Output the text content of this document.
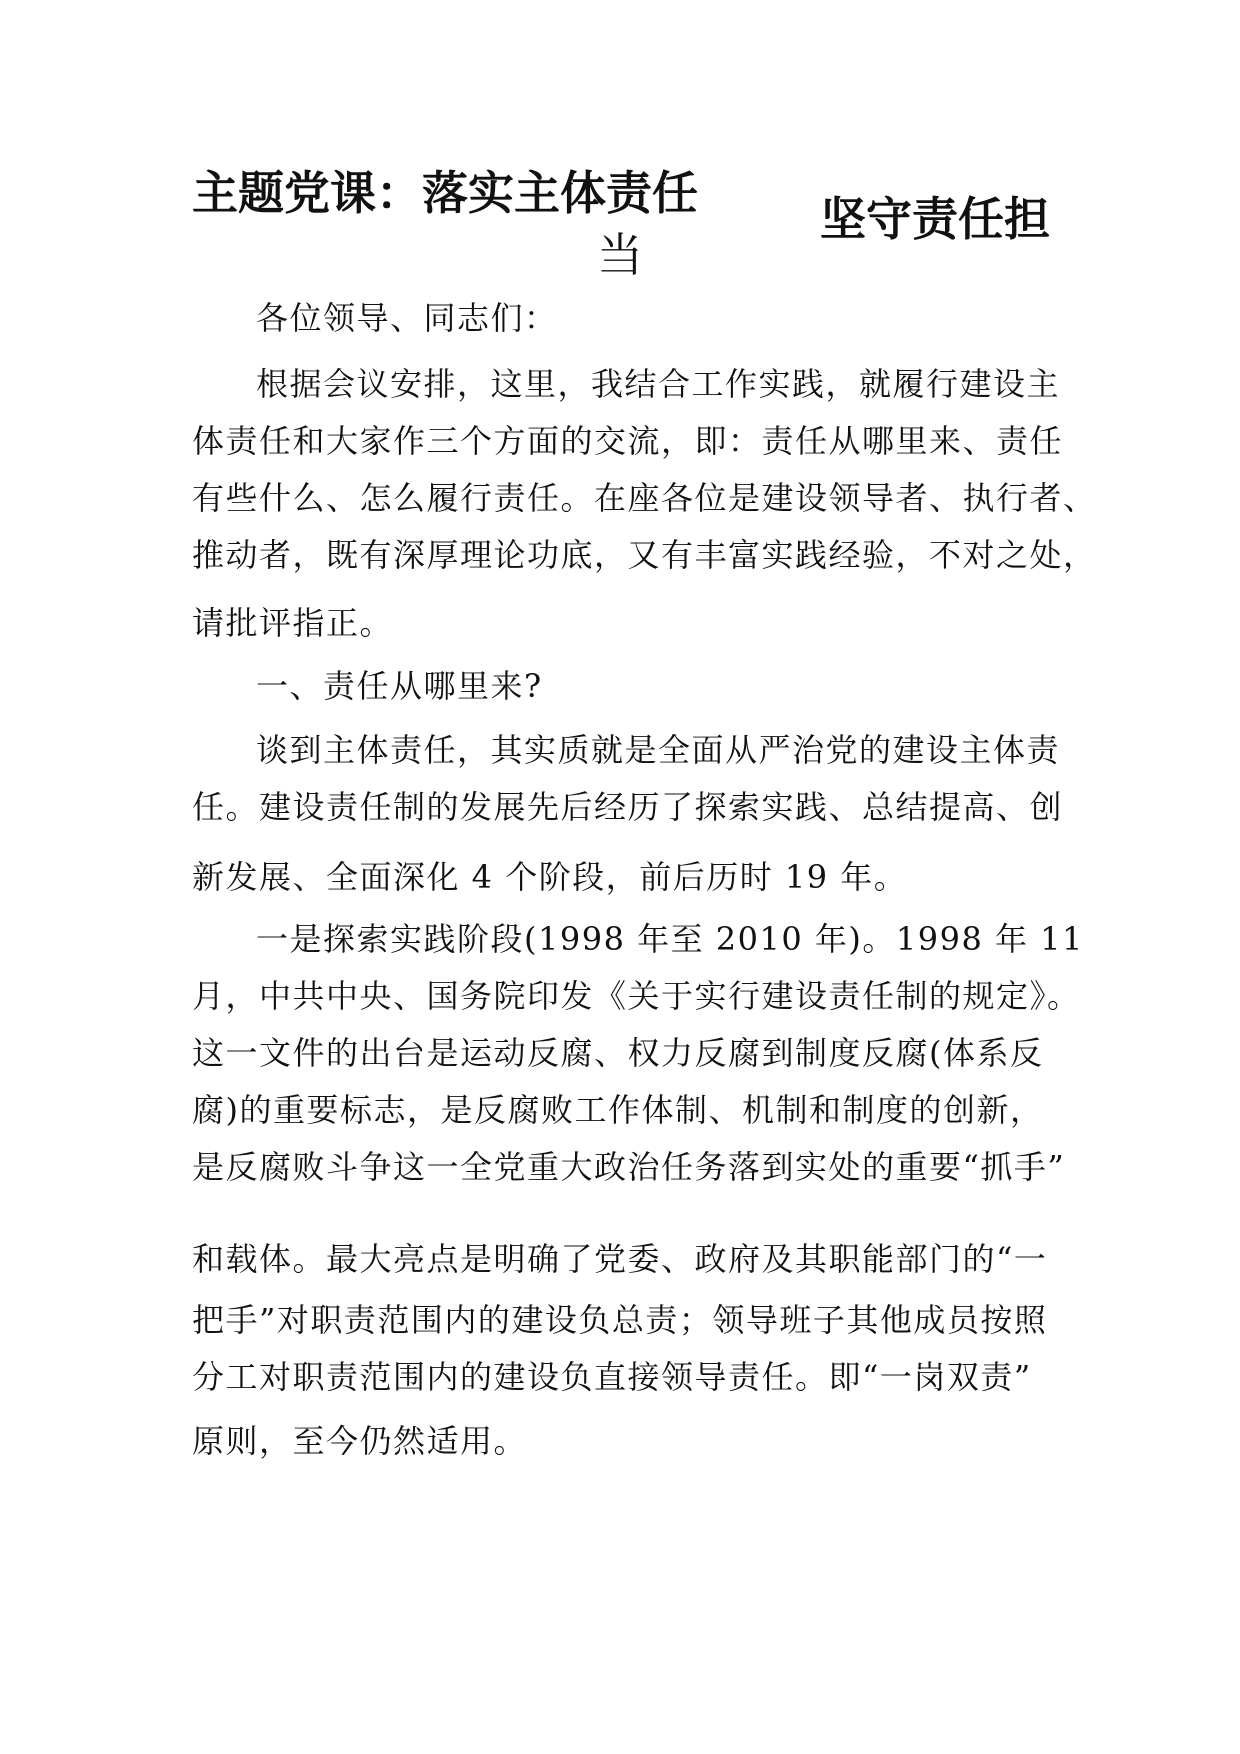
主题党课：落实主体责任	坚守责任担
当
各位领导、同志们：
根据会议安排，这里，我结合工作实践，就履行建设主
体责任和大家作三个方面的交流，即：责任从哪里来、责任
有些什么、怎么履行责任。在座各位是建设领导者、执行者、
推动者，既有深厚理论功底，又有丰富实践经验，不对之处，
请批评指正。
一、责任从哪里来?
谈到主体责任，其实质就是全面从严治党的建设主体责
任。建设责任制的发展先后经历了探索实践、总结提高、创
新发展、全面深化 4 个阶段，前后历时 19 年。
一是探索实践阶段(1998 年至 2010 年)。1998 年 11
月，中共中央、国务院印发《关于实行建设责任制的规定》。
这一文件的出台是运动反腐、权力反腐到制度反腐(体系反
腐)的重要标志，是反腐败工作体制、机制和制度的创新，
是反腐败斗争这一全党重大政治任务落到实处的重要“抓手”
和载体。最大亮点是明确了党委、政府及其职能部门的“一
把手”对职责范围内的建设负总责；领导班子其他成员按照
分工对职责范围内的建设负直接领导责任。即“一岗双责”
原则，至今仍然适用。
